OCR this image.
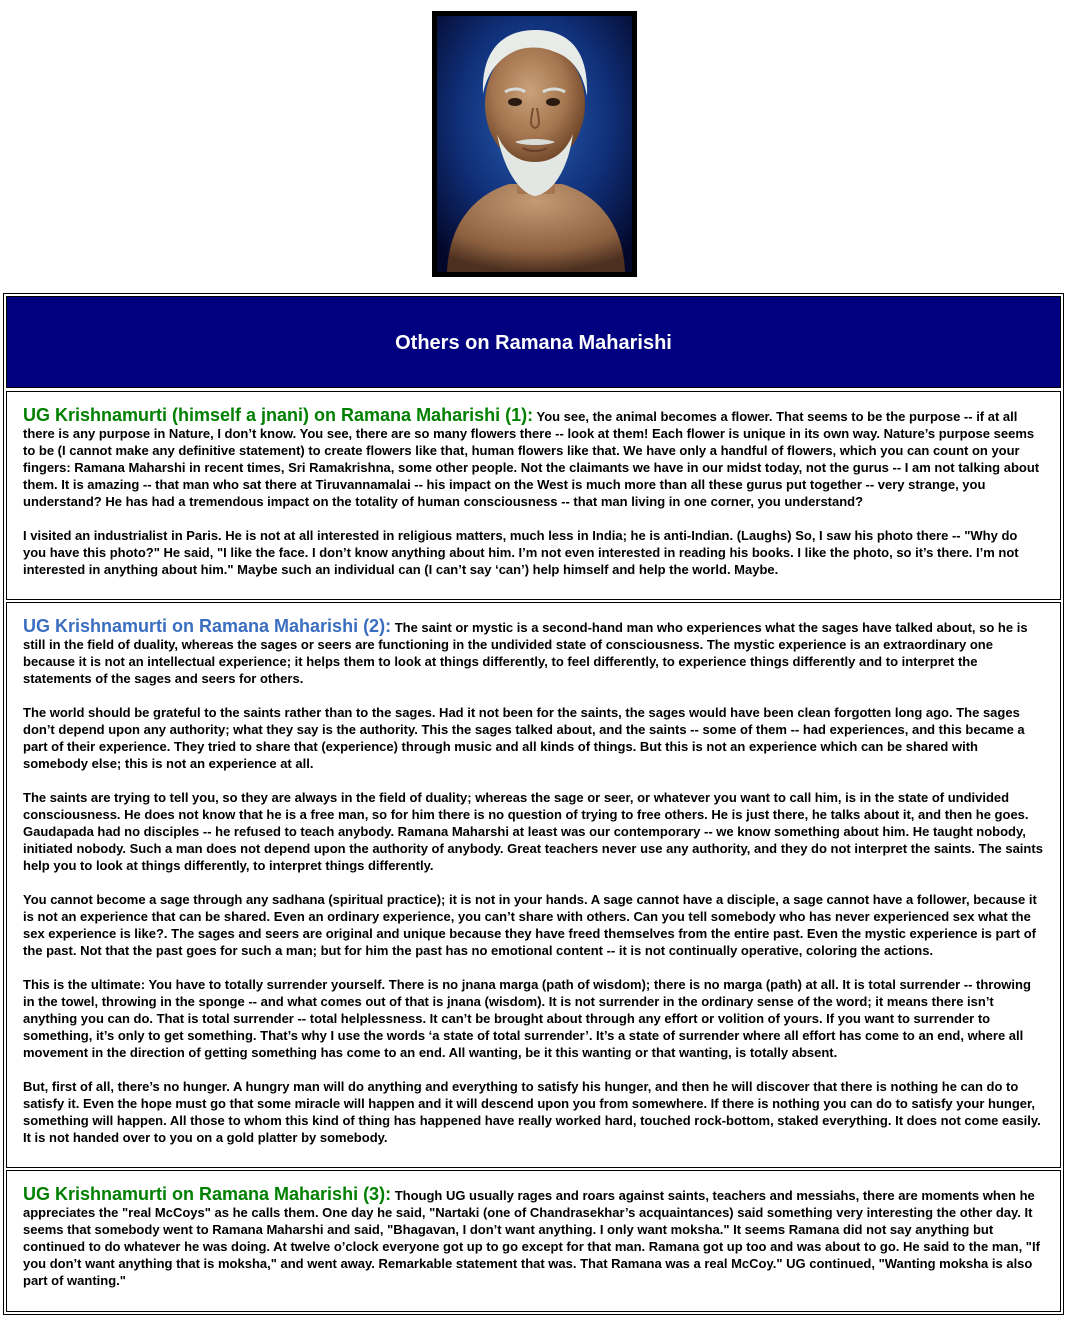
Others on Ramana Maharishi

UG Krishnamurti (himself a jnani) on Ramana Maharishi (1): You see, the animal becomes a flower. That seems to be the purpose -- if at all there is any purpose in Nature, I don’t know. You see, there are so many flowers there -- look at them! Each flower is unique in its own way. Nature’s purpose seems to be (I cannot make any definitive statement) to create flowers like that, human flowers like that. We have only a handful of flowers, which you can count on your fingers: Ramana Maharshi in recent times, Sri Ramakrishna, some other people. Not the claimants we have in our midst today, not the gurus -- I am not talking about them. It is amazing -- that man who sat there at Tiruvannamalai -- his impact on the West is much more than all these gurus put together -- very strange, you understand? He has had a tremendous impact on the totality of human consciousness -- that man living in one corner, you understand?

I visited an industrialist in Paris. He is not at all interested in religious matters, much less in India; he is anti-Indian. (Laughs) So, I saw his photo there -- "Why do you have this photo?" He said, "I like the face. I don’t know anything about him. I’m not even interested in reading his books. I like the photo, so it’s there. I’m not interested in anything about him." Maybe such an individual can (I can’t say ‘can’) help himself and help the world. Maybe.

UG Krishnamurti on Ramana Maharishi (2): The saint or mystic is a second-hand man who experiences what the sages have talked about, so he is still in the field of duality, whereas the sages or seers are functioning in the undivided state of consciousness. The mystic experience is an extraordinary one because it is not an intellectual experience; it helps them to look at things differently, to feel differently, to experience things differently and to interpret the statements of the sages and seers for others.

The world should be grateful to the saints rather than to the sages. Had it not been for the saints, the sages would have been clean forgotten long ago. The sages don’t depend upon any authority; what they say is the authority. This the sages talked about, and the saints -- some of them -- had experiences, and this became a part of their experience. They tried to share that (experience) through music and all kinds of things. But this is not an experience which can be shared with somebody else; this is not an experience at all.

The saints are trying to tell you, so they are always in the field of duality; whereas the sage or seer, or whatever you want to call him, is in the state of undivided consciousness. He does not know that he is a free man, so for him there is no question of trying to free others. He is just there, he talks about it, and then he goes. Gaudapada had no disciples -- he refused to teach anybody. Ramana Maharshi at least was our contemporary -- we know something about him. He taught nobody, initiated nobody. Such a man does not depend upon the authority of anybody. Great teachers never use any authority, and they do not interpret the saints. The saints help you to look at things differently, to interpret things differently.

You cannot become a sage through any sadhana (spiritual practice); it is not in your hands. A sage cannot have a disciple, a sage cannot have a follower, because it is not an experience that can be shared. Even an ordinary experience, you can’t share with others. Can you tell somebody who has never experienced sex what the sex experience is like?. The sages and seers are original and unique because they have freed themselves from the entire past. Even the mystic experience is part of the past. Not that the past goes for such a man; but for him the past has no emotional content -- it is not continually operative, coloring the actions.

This is the ultimate: You have to totally surrender yourself. There is no jnana marga (path of wisdom); there is no marga (path) at all. It is total surrender -- throwing in the towel, throwing in the sponge -- and what comes out of that is jnana (wisdom). It is not surrender in the ordinary sense of the word; it means there isn’t anything you can do. That is total surrender -- total helplessness. It can’t be brought about through any effort or volition of yours. If you want to surrender to something, it’s only to get something. That’s why I use the words ‘a state of total surrender’. It’s a state of surrender where all effort has come to an end, where all movement in the direction of getting something has come to an end. All wanting, be it this wanting or that wanting, is totally absent.

But, first of all, there’s no hunger. A hungry man will do anything and everything to satisfy his hunger, and then he will discover that there is nothing he can do to satisfy it. Even the hope must go that some miracle will happen and it will descend upon you from somewhere. If there is nothing you can do to satisfy your hunger, something will happen. All those to whom this kind of thing has happened have really worked hard, touched rock-bottom, staked everything. It does not come easily. It is not handed over to you on a gold platter by somebody.

UG Krishnamurti on Ramana Maharishi (3): Though UG usually rages and roars against saints, teachers and messiahs, there are moments when he appreciates the "real McCoys" as he calls them. One day he said, "Nartaki (one of Chandrasekhar’s acquaintances) said something very interesting the other day. It seems that somebody went to Ramana Maharshi and said, "Bhagavan, I don’t want anything. I only want moksha." It seems Ramana did not say anything but continued to do whatever he was doing. At twelve o’clock everyone got up to go except for that man. Ramana got up too and was about to go. He said to the man, "If you don’t want anything that is moksha," and went away. Remarkable statement that was. That Ramana was a real McCoy." UG continued, "Wanting moksha is also part of wanting."
